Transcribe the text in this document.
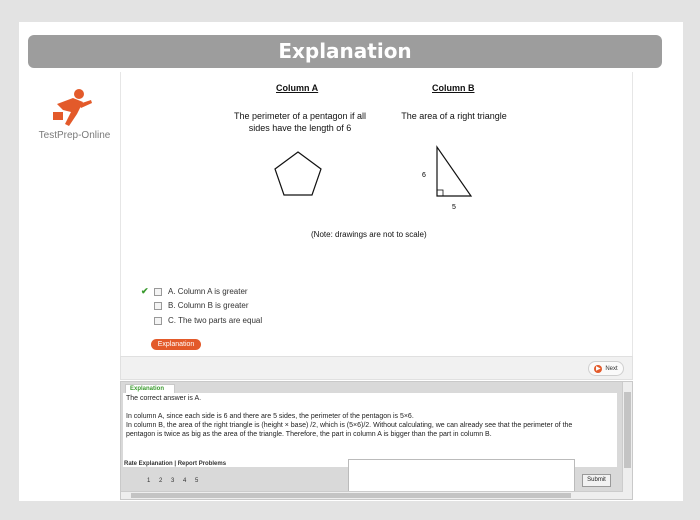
Explanation
TestPrep-Online
Column A	Column B
The perimeter of a pentagon if all
sides have the length of 6
The area of a right triangle
6
5
(Note: drawings are not to scale)
✔	A. Column A is greater
B. Column B is greater
C. The two parts are equal
Explanation
▶ Next
Explanation
The correct answer is A.
In column A, since each side is 6 and there are 5 sides, the perimeter of the pentagon is 5×6.
In column B, the area of the right triangle is (height × base) /2, which is (5×6)/2. Without calculating, we can already see that the perimeter of the
pentagon is twice as big as the area of the triangle. Therefore, the part in column A is bigger than the part in column B.
Rate Explanation | Report Problems
1 2 3 4 5	Submit
